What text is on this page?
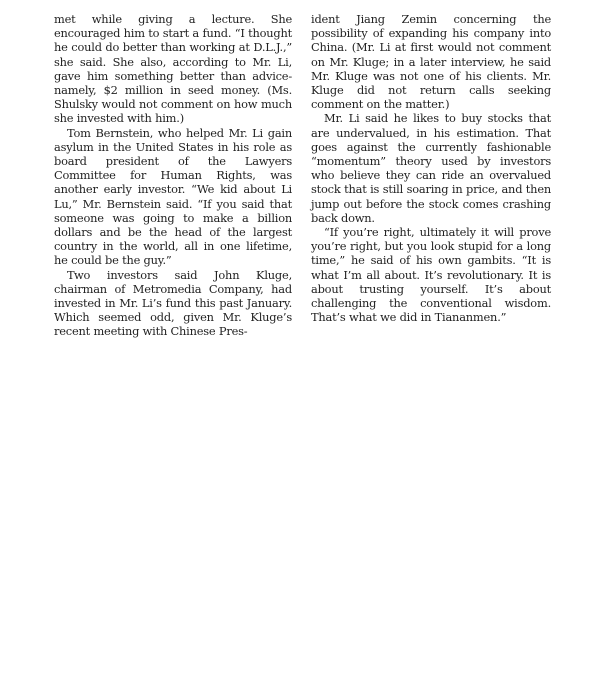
met while giving a lecture. She encouraged him to start a fund. “I thought he could do better than working at D.L.J.,” she said. She also, according to Mr. Li, gave him something better than advice-namely, $2 million in seed money. (Ms. Shulsky would not comment on how much she invested with him.)

Tom Bernstein, who helped Mr. Li gain asylum in the United States in his role as board president of the Lawyers Committee for Human Rights, was another early investor. “We kid about Li Lu,” Mr. Bernstein said. “If you said that someone was going to make a billion dollars and be the head of the largest country in the world, all in one lifetime, he could be the guy.”

Two investors said John Kluge, chairman of Metromedia Company, had invested in Mr. Li’s fund this past January. Which seemed odd, given Mr. Kluge’s recent meeting with Chinese Pres-

ident Jiang Zemin concerning the possibility of expanding his company into China. (Mr. Li at first would not comment on Mr. Kluge; in a later interview, he said Mr. Kluge was not one of his clients. Mr. Kluge did not return calls seeking comment on the matter.)

Mr. Li said he likes to buy stocks that are undervalued, in his estimation. That goes against the currently fashionable “momentum” theory used by investors who believe they can ride an overvalued stock that is still soaring in price, and then jump out before the stock comes crashing back down.

“If you’re right, ultimately it will prove you’re right, but you look stupid for a long time,” he said of his own gambits. “It is what I’m all about. It’s revolutionary. It is about trusting yourself. It’s about challenging the conventional wisdom. That’s what we did in Tiananmen.”
